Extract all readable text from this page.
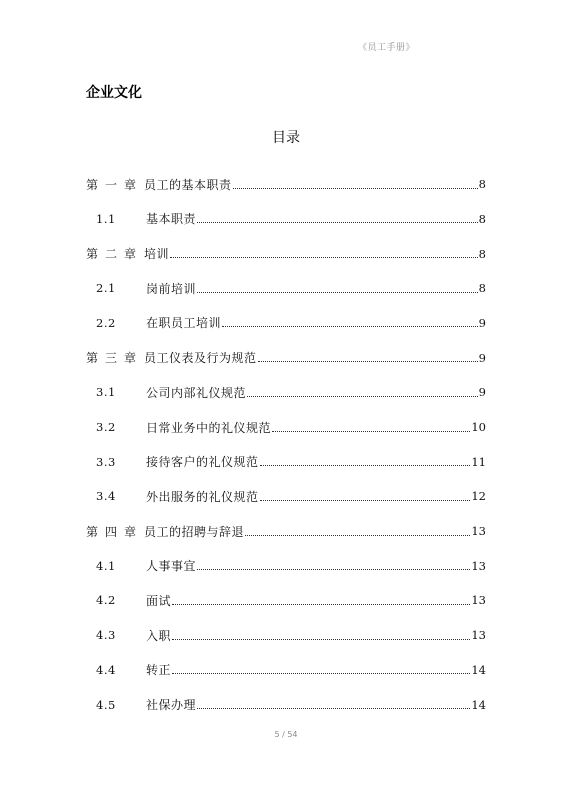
《员工手册》
企业文化
目录
第一章 员工的基本职责	8
1.1	基本职责	8
第二章 培训	8
2.1	岗前培训	8
2.2	在职员工培训	9
第三章 员工仪表及行为规范	9
3.1	公司内部礼仪规范	9
3.2	日常业务中的礼仪规范	10
3.3	接待客户的礼仪规范	11
3.4	外出服务的礼仪规范	12
第四章 员工的招聘与辞退	13
4.1	人事事宜	13
4.2	面试	13
4.3	入职	13
4.4	转正	14
4.5	社保办理	14
5 / 54
